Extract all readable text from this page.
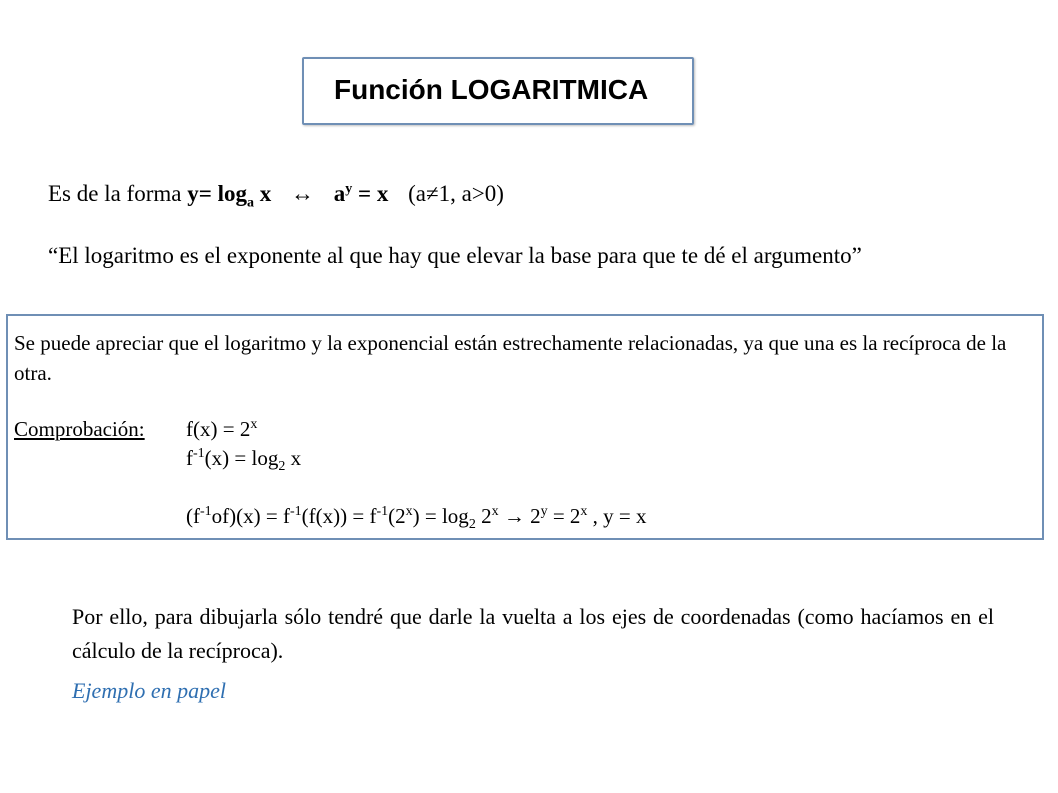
Función LOGARITMICA
Es de la forma $y= \log_a x$ ↔ $a^y = x$ (a≠1, a>0)
“El logaritmo es el exponente al que hay que elevar la base para que te dé el argumento”
Se puede apreciar que el logaritmo y la exponencial están estrechamente relacionadas, ya que una es la recíproca de la otra.
Comprobación: $f(x) = 2^x$
$f^{-1}(x) = \log_2 x$
$(f^{-1}of)(x) = f^{-1}(f(x)) = f^{-1}(2^x) = \log_2 2^x \to 2^y = 2^x$ , y = x
Por ello, para dibujarla sólo tendré que darle la vuelta a los ejes de coordenadas (como hacíamos en el cálculo de la recíproca).
Ejemplo en papel
